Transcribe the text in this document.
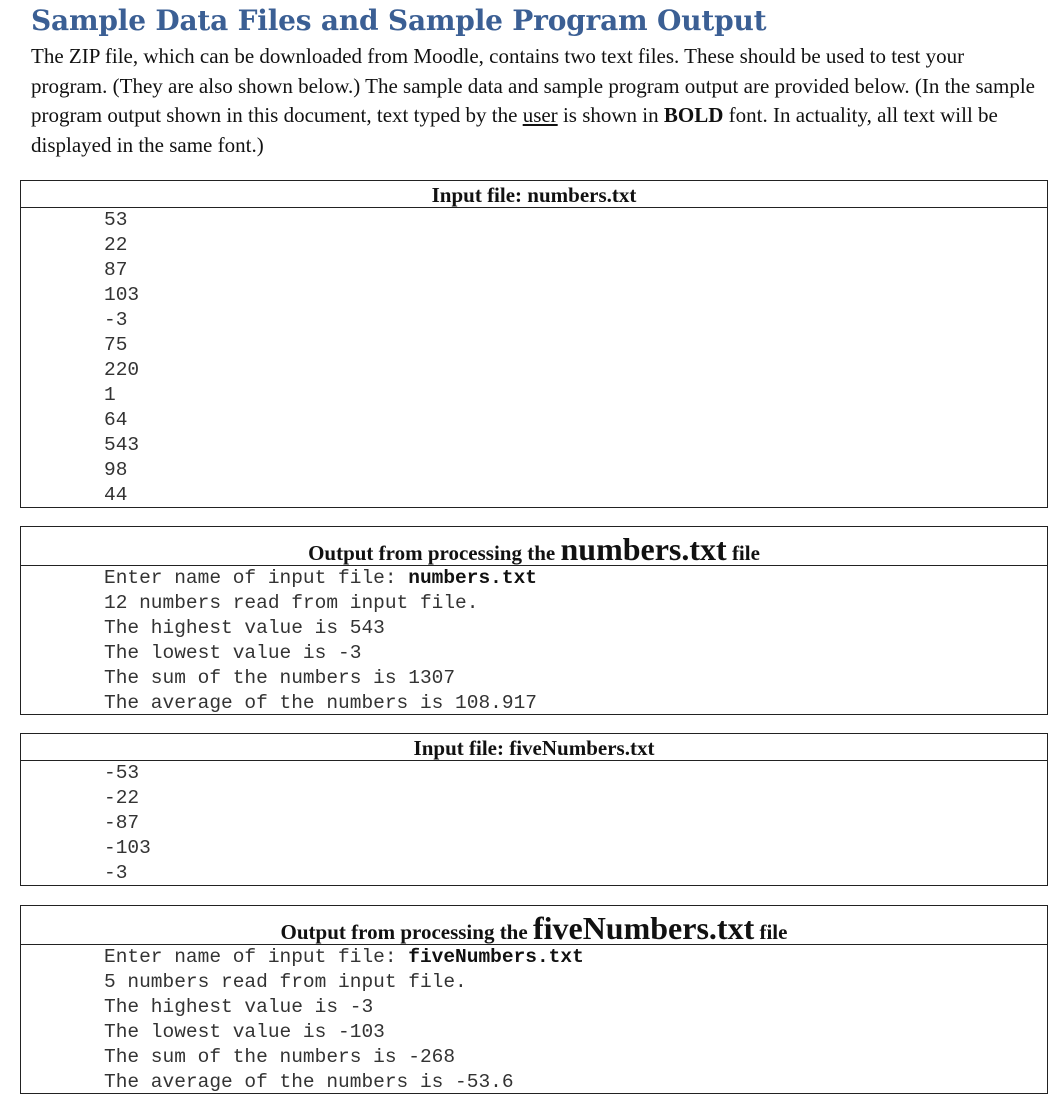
Sample Data Files and Sample Program Output

The ZIP file, which can be downloaded from Moodle, contains two text files. These should be used to test your program. (They are also shown below.) The sample data and sample program output are provided below. (In the sample program output shown in this document, text typed by the user is shown in BOLD font. In actuality, all text will be displayed in the same font.)

Input file: numbers.txt
53
22
87
103
-3
75
220
1
64
543
98
44
Output from processing the numbers.txt file
Enter name of input file: numbers.txt
12 numbers read from input file.
The highest value is 543
The lowest value is -3
The sum of the numbers is 1307
The average of the numbers is 108.917
Input file: fiveNumbers.txt
-53
-22
-87
-103
-3
Output from processing the fiveNumbers.txt file
Enter name of input file: fiveNumbers.txt
5 numbers read from input file.
The highest value is -3
The lowest value is -103
The sum of the numbers is -268
The average of the numbers is -53.6
